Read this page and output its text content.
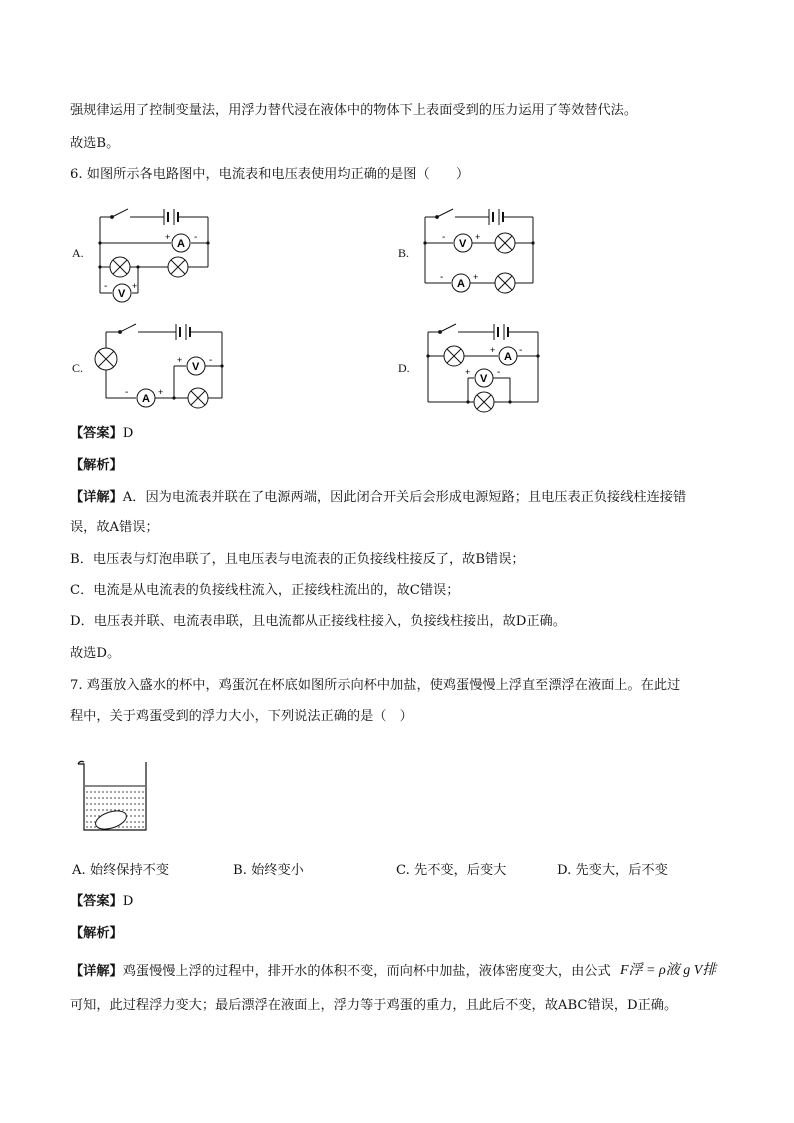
强规律运用了控制变量法，用浮力替代浸在液体中的物体下上表面受到的压力运用了等效替代法。
故选B。
6. 如图所示各电路图中，电流表和电压表使用均正确的是图（　　）
A.	B.
C.	D.
A
+ -
V
-	+
V
-	+
A
-	+
A
-	+
V
+	-	A
+ -
V
+	-
【答案】D
【解析】
【详解】A．因为电流表并联在了电源两端，因此闭合开关后会形成电源短路；且电压表正负接线柱连接错
误，故A错误；
B．电压表与灯泡串联了，且电压表与电流表的正负接线柱接反了，故B错误；
C．电流是从电流表的负接线柱流入，正接线柱流出的，故C错误；
D．电压表并联、电流表串联，且电流都从正接线柱接入，负接线柱接出，故D正确。
故选D。
7. 鸡蛋放入盛水的杯中，鸡蛋沉在杯底如图所示向杯中加盐，使鸡蛋慢慢上浮直至漂浮在液面上。在此过
程中，关于鸡蛋受到的浮力大小，下列说法正确的是（　）
A. 始终保持不变	B. 始终变小	C. 先不变，后变大	D. 先变大，后不变
【答案】D
【解析】
【详解】鸡蛋慢慢上浮的过程中，排开水的体积不变，而向杯中加盐，液体密度变大，由公式 F浮 = ρ液 g V排
可知，此过程浮力变大；最后漂浮在液面上，浮力等于鸡蛋的重力，且此后不变，故ABC错误，D正确。
